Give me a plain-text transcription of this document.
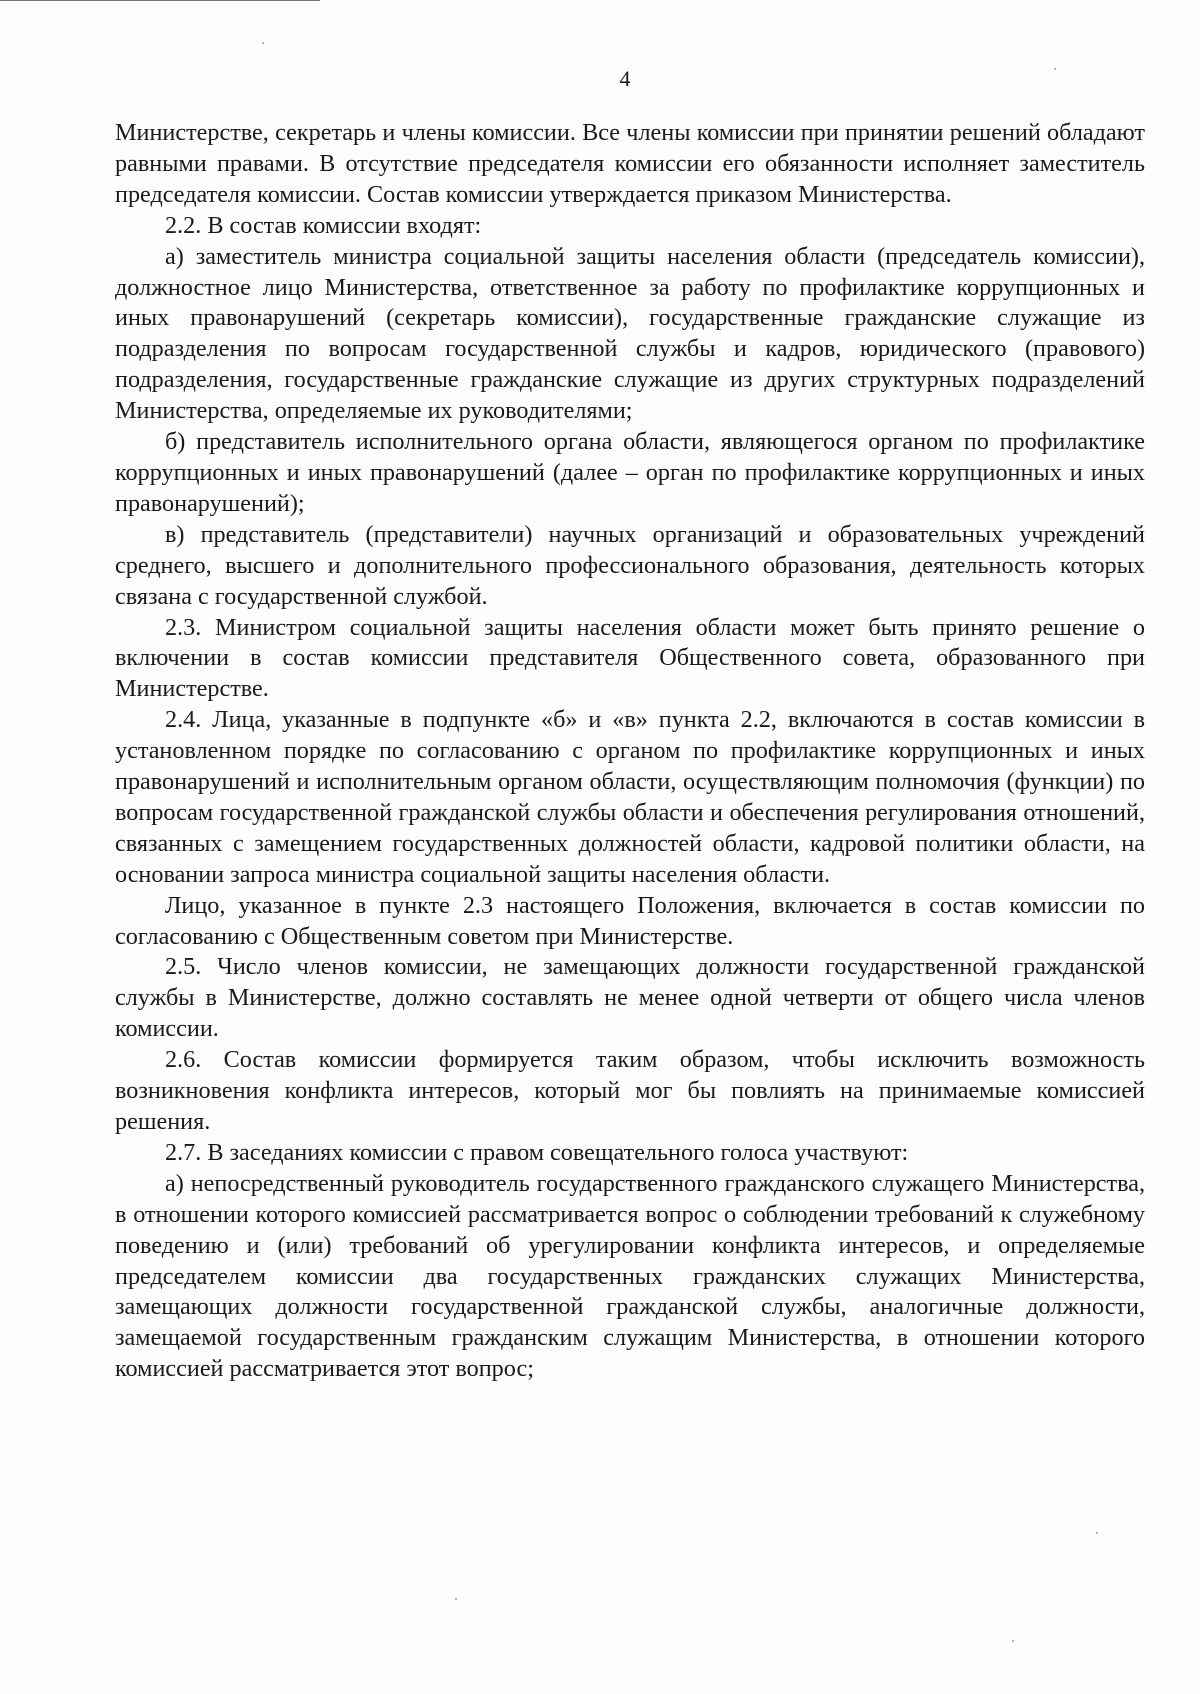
4

Министерстве, секретарь и члены комиссии. Все члены комиссии при принятии решений обладают равными правами. В отсутствие председателя комиссии его обязанности исполняет заместитель председателя комиссии. Состав комиссии утверждается приказом Министерства.

2.2. В состав комиссии входят:

а) заместитель министра социальной защиты населения области (председатель комиссии), должностное лицо Министерства, ответственное за работу по профилактике коррупционных и иных правонарушений (секретарь комиссии), государственные гражданские служащие из подразделения по вопросам государственной службы и кадров, юридического (правового) подразделения, государственные гражданские служащие из других структурных подразделений Министерства, определяемые их руководителями;

б) представитель исполнительного органа области, являющегося органом по профилактике коррупционных и иных правонарушений (далее – орган по профилактике коррупционных и иных правонарушений);

в) представитель (представители) научных организаций и образовательных учреждений среднего, высшего и дополнительного профессионального образования, деятельность которых связана с государственной службой.

2.3. Министром социальной защиты населения области может быть принято решение о включении в состав комиссии представителя Общественного совета, образованного при Министерстве.

2.4. Лица, указанные в подпункте «б» и «в» пункта 2.2, включаются в состав комиссии в установленном порядке по согласованию с органом по профилактике коррупционных и иных правонарушений и исполнительным органом области, осуществляющим полномочия (функции) по вопросам государственной гражданской службы области и обеспечения регулирования отношений, связанных с замещением государственных должностей области, кадровой политики области, на основании запроса министра социальной защиты населения области.

Лицо, указанное в пункте 2.3 настоящего Положения, включается в состав комиссии по согласованию с Общественным советом при Министерстве.

2.5. Число членов комиссии, не замещающих должности государственной гражданской службы в Министерстве, должно составлять не менее одной четверти от общего числа членов комиссии.

2.6. Состав комиссии формируется таким образом, чтобы исключить возможность возникновения конфликта интересов, который мог бы повлиять на принимаемые комиссией решения.

2.7. В заседаниях комиссии с правом совещательного голоса участвуют:

а) непосредственный руководитель государственного гражданского служащего Министерства, в отношении которого комиссией рассматривается вопрос о соблюдении требований к служебному поведению и (или) требований об урегулировании конфликта интересов, и определяемые председателем комиссии два государственных гражданских служащих Министерства, замещающих должности государственной гражданской службы, аналогичные должности, замещаемой государственным гражданским служащим Министерства, в отношении которого комиссией рассматривается этот вопрос;
